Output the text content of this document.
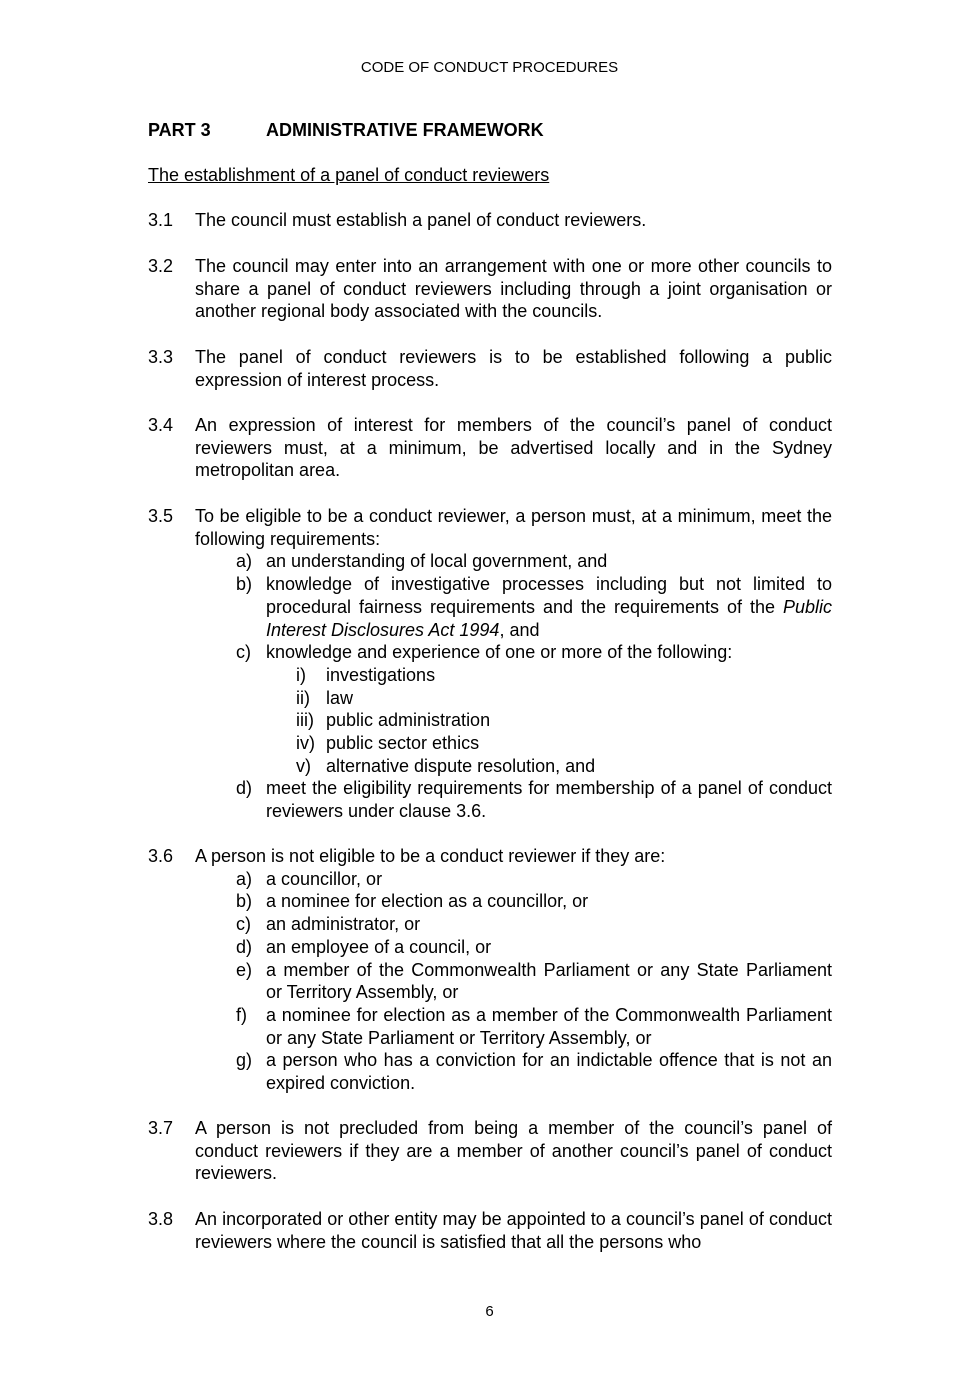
CODE OF CONDUCT PROCEDURES
PART 3	ADMINISTRATIVE FRAMEWORK
The establishment of a panel of conduct reviewers
3.1 The council must establish a panel of conduct reviewers.
3.2 The council may enter into an arrangement with one or more other councils to share a panel of conduct reviewers including through a joint organisation or another regional body associated with the councils.
3.3 The panel of conduct reviewers is to be established following a public expression of interest process.
3.4 An expression of interest for members of the council’s panel of conduct reviewers must, at a minimum, be advertised locally and in the Sydney metropolitan area.
3.5 To be eligible to be a conduct reviewer, a person must, at a minimum, meet the following requirements:
a) an understanding of local government, and
b) knowledge of investigative processes including but not limited to procedural fairness requirements and the requirements of the Public Interest Disclosures Act 1994, and
c) knowledge and experience of one or more of the following:
i) investigations
ii) law
iii) public administration
iv) public sector ethics
v) alternative dispute resolution, and
d) meet the eligibility requirements for membership of a panel of conduct reviewers under clause 3.6.
3.6 A person is not eligible to be a conduct reviewer if they are:
a) a councillor, or
b) a nominee for election as a councillor, or
c) an administrator, or
d) an employee of a council, or
e) a member of the Commonwealth Parliament or any State Parliament or Territory Assembly, or
f) a nominee for election as a member of the Commonwealth Parliament or any State Parliament or Territory Assembly, or
g) a person who has a conviction for an indictable offence that is not an expired conviction.
3.7 A person is not precluded from being a member of the council’s panel of conduct reviewers if they are a member of another council’s panel of conduct reviewers.
3.8 An incorporated or other entity may be appointed to a council’s panel of conduct reviewers where the council is satisfied that all the persons who
6
